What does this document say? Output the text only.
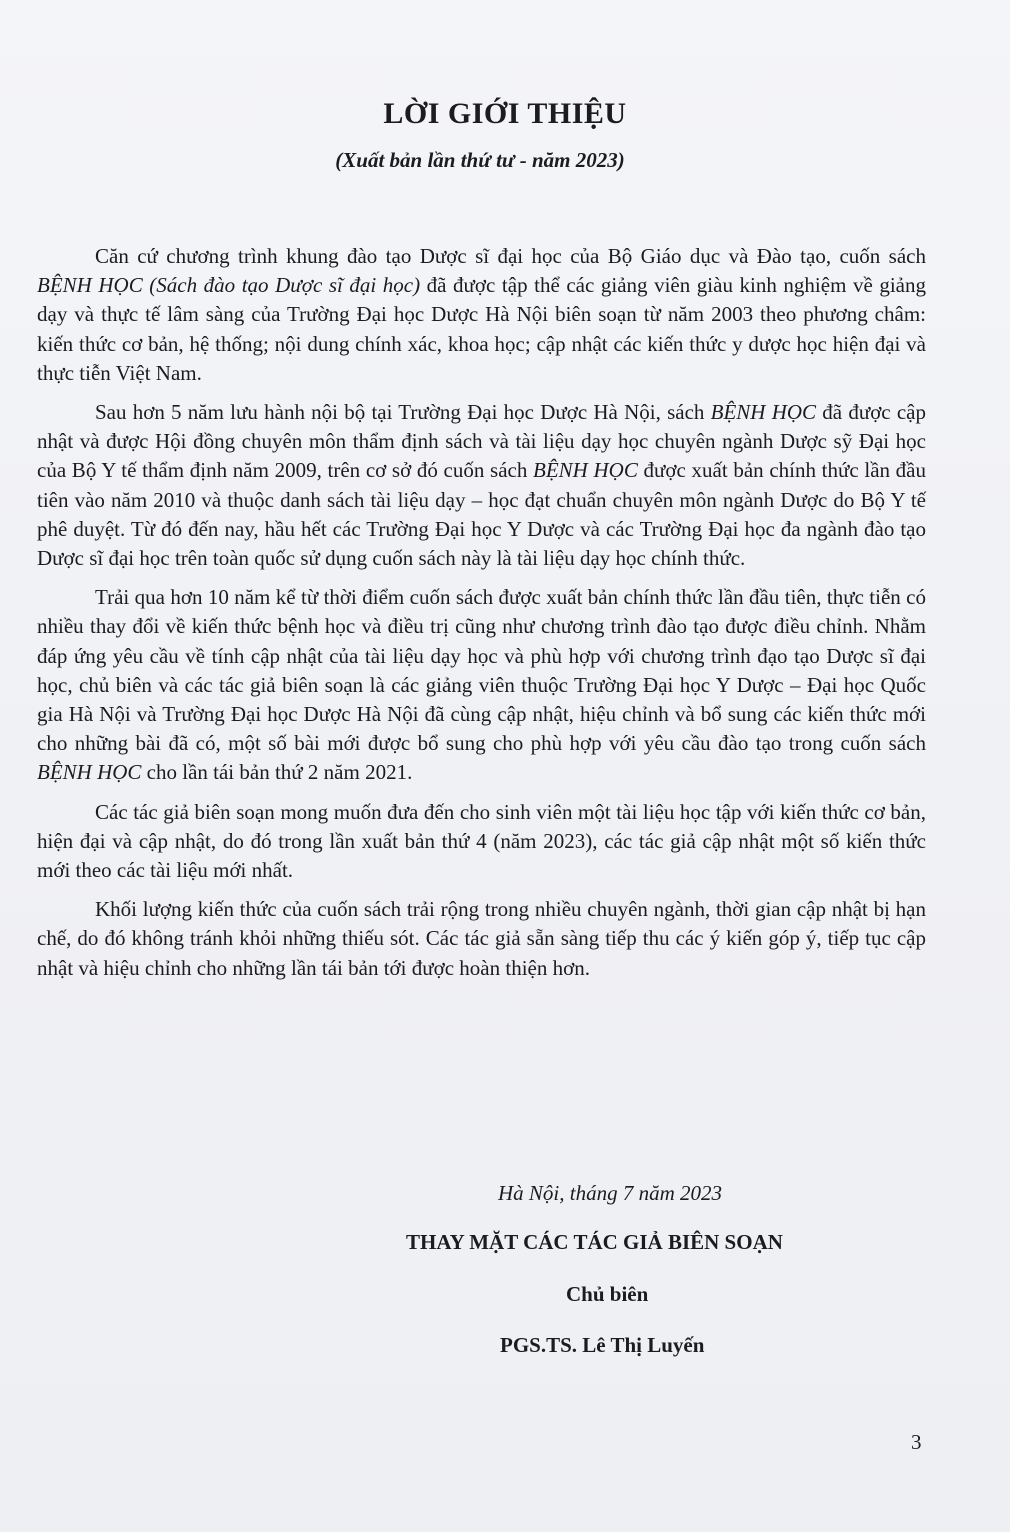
LỜI GIỚI THIỆU
(Xuất bản lần thứ tư - năm 2023)

Căn cứ chương trình khung đào tạo Dược sĩ đại học của Bộ Giáo dục và Đào tạo, cuốn sách BỆNH HỌC (Sách đào tạo Dược sĩ đại học) đã được tập thể các giảng viên giàu kinh nghiệm về giảng dạy và thực tế lâm sàng của Trường Đại học Dược Hà Nội biên soạn từ năm 2003 theo phương châm: kiến thức cơ bản, hệ thống; nội dung chính xác, khoa học; cập nhật các kiến thức y dược học hiện đại và thực tiễn Việt Nam.

Sau hơn 5 năm lưu hành nội bộ tại Trường Đại học Dược Hà Nội, sách BỆNH HỌC đã được cập nhật và được Hội đồng chuyên môn thẩm định sách và tài liệu dạy học chuyên ngành Dược sỹ Đại học của Bộ Y tế thẩm định năm 2009, trên cơ sở đó cuốn sách BỆNH HỌC được xuất bản chính thức lần đầu tiên vào năm 2010 và thuộc danh sách tài liệu dạy – học đạt chuẩn chuyên môn ngành Dược do Bộ Y tế phê duyệt. Từ đó đến nay, hầu hết các Trường Đại học Y Dược và các Trường Đại học đa ngành đào tạo Dược sĩ đại học trên toàn quốc sử dụng cuốn sách này là tài liệu dạy học chính thức.

Trải qua hơn 10 năm kể từ thời điểm cuốn sách được xuất bản chính thức lần đầu tiên, thực tiễn có nhiều thay đổi về kiến thức bệnh học và điều trị cũng như chương trình đào tạo được điều chỉnh. Nhằm đáp ứng yêu cầu về tính cập nhật của tài liệu dạy học và phù hợp với chương trình đạo tạo Dược sĩ đại học, chủ biên và các tác giả biên soạn là các giảng viên thuộc Trường Đại học Y Dược – Đại học Quốc gia Hà Nội và Trường Đại học Dược Hà Nội đã cùng cập nhật, hiệu chỉnh và bổ sung các kiến thức mới cho những bài đã có, một số bài mới được bổ sung cho phù hợp với yêu cầu đào tạo trong cuốn sách BỆNH HỌC cho lần tái bản thứ 2 năm 2021.

Các tác giả biên soạn mong muốn đưa đến cho sinh viên một tài liệu học tập với kiến thức cơ bản, hiện đại và cập nhật, do đó trong lần xuất bản thứ 4 (năm 2023), các tác giả cập nhật một số kiến thức mới theo các tài liệu mới nhất.

Khối lượng kiến thức của cuốn sách trải rộng trong nhiều chuyên ngành, thời gian cập nhật bị hạn chế, do đó không tránh khỏi những thiếu sót. Các tác giả sẵn sàng tiếp thu các ý kiến góp ý, tiếp tục cập nhật và hiệu chỉnh cho những lần tái bản tới được hoàn thiện hơn.

Hà Nội, tháng 7 năm 2023
THAY MẶT CÁC TÁC GIẢ BIÊN SOẠN
Chủ biên
PGS.TS. Lê Thị Luyến
3
